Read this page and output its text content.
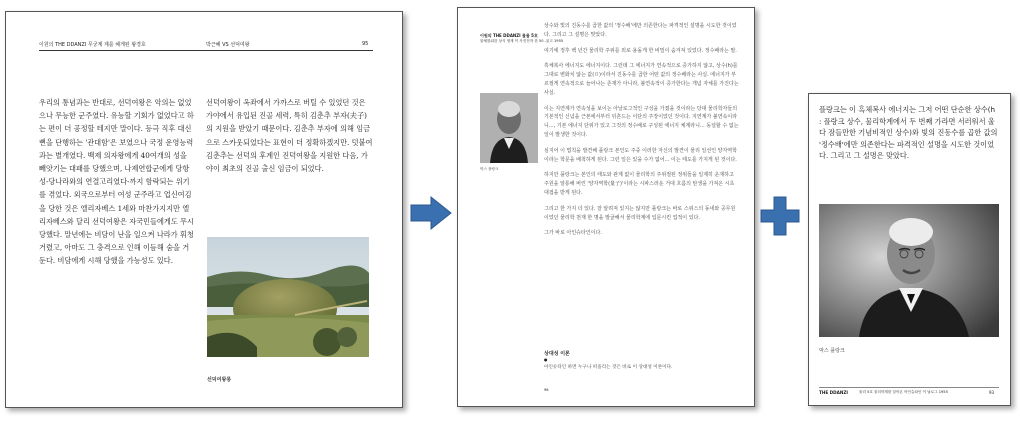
이원의 THE DDANZI 무궁계 제를 헤게된 왕경호	박근혜 VS 선덕여왕	95
우리의 통념과는 반대로, 선덕여왕은 악의는 없었으나 무능한 군주였다. 유능할 기회가 없었다고 하는 편이 더 공정할 테지만 말이다. 등극 직후 대신뻔을 단행하는 '관대함'은 보였으나 국정 운영능력과는 별개였다. 백제 의자왕에게 40여개의 성을 빼앗기는 대패를 당했으며, 나제연합군에게 당항성-당나라와의 연결고리였다-까지 함락되는 위기를 겪었다. 외국으로부터 여성 군주라고 업신여김을 당한 것은 엘리자베스 1세와 마찬가지지만 엘리자베스와 달리 선덕여왕은 자국민들에게도 무시당했다. 말년에는 비담이 난을 일으켜 나라가 휘청거렸고, 아마도 그 충격으로 인해 이듬해 숨을 거둔다. 비담에게 시해 당했을 가능성도 있다.
선덕여왕이 옥좌에서 가까스로 버틸 수 있었던 것은 가야에서 유입된 진골 세력, 특히 김춘추 부자(夫子)의 지원을 받았기 때문이다. 김춘추 부자에 의해 임금으로 스카웃되었다는 표현이 더 정확하겠지만. 덧붙여 김춘추는 선덕의 후계인 진덕여왕을 지원한 다음, 가야이 최초의 진골 출신 임금이 되었다.
선덕여왕릉
이원의 THE DDANZI 물물 5호
물체를위한 상식 영재 이 사진전자 한 50 -읽고 1955
막스 플랑크
상수와 빛의 진동수를 곱한 값의 '정수배'에만 의존한다는 파격적인 설명을 시도한 것이었다. 그리고 그 설명은 맞았다.
여기에 정후 백 년간 물리학 주위를 외로 용돌게 한 비밀이 숨겨져 있었다. 정수배라는 말.
흑체복사 에너지도 에너지이다. 그런데 그 에너지가 연속적으로 증가하지 않고, 상수(h)를 그대로 변화치 않는 값(ㅁ)이라서 진동수를 곱한 어떤 값의 정수배라는 사실. 에너지가 부르절게 연속적으로 늘어나는 존재가 아니라, 불연속적이 증가한다는 개념 자체를 가진다는 사실.
이는 지연계가 연속성을 보이는 아날로그적인 구성을 가졌을 것이라는 당대 물리학자들의 기본적인 신념을 근본에서부터 뒤흔드는 이단의 주장이었던 것이다. 지연계가 불연속이라니..., 기본 에너지 단위가 있고 그것의 정수배로 구성된 에너지 체계라니... 동널할 수 없는 일이 발생한 것이다.
심지어 이 법칙을 발견해 플랑크 본인도 주중 이러한 자신의 발견이 물리 일선인 양자역학이라는 학문을 배척하게 된다. 그런 일은 있을 수가 없어... 이는 태도를 가지게 된 것이다.
하지만 플랑크는 본인의 태도와 관계 없이 물리학의 주위절된 정위들을 일제히 운재하고 주원을 알롱해 버린 '양자역학(量子)'이라는 시파스러운 거대 흐름의 탄생을 가져온 시초 대접을 받게 된다.
그리고 한 가지 더 있다. 잘 알려져 있지는 않지만 플랑크는 바로 스위스의 동네와 공무원이었던 물리학 천재 한 명을 발굴해서 물리학계에 입문시킨 업적이 있다.
그가 바로 아인슈타인이다.
상대성 이론
●
아인슈타인 하면 누구나 떠올리는 것은 바로 이 상대성 이론이다.
96
플랑크는 이 흑체복사 에너지는 그저 어떤 단순한 상수(h : 플랑크 상수, 물리학계에서 두 번째 가라면 서러워서 울다 잠들만한 기념비적인 상수)와 빛의 진동수를 곱한 값의 '정수배'에만 의존한다는 파격적인 설명을 시도한 것이었다. 그리고 그 설명은 맞았다.
막스 플랑크
THE DDANZI	물리 5호 물리학계를 알아온 아인슈타인 이 날로그 1955	93
